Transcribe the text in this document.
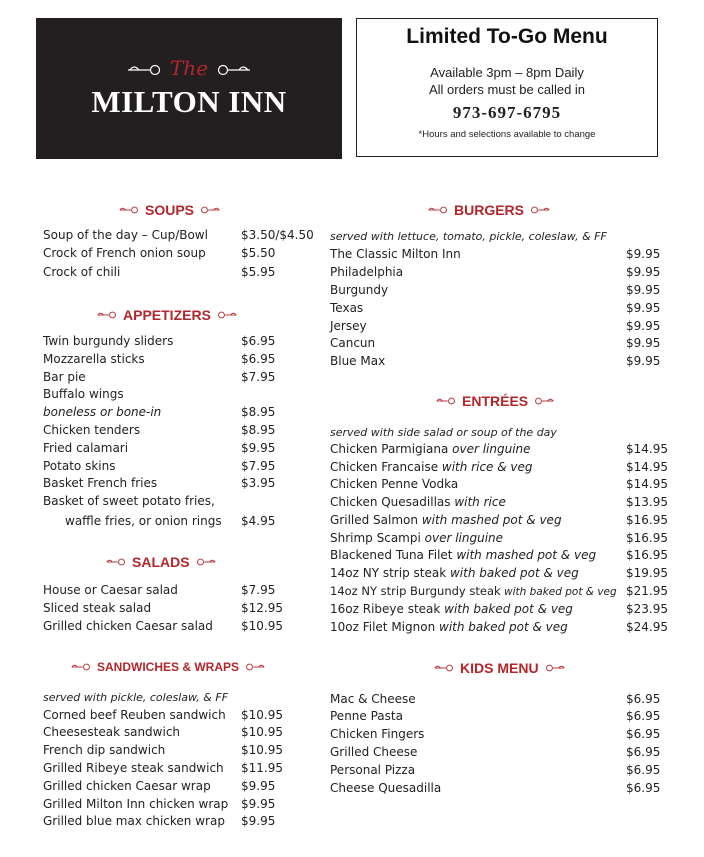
The
MILTON INN
Limited To-Go Menu
Available 3pm – 8pm Daily
All orders must be called in
973-697-6795
*Hours and selections available to change
SOUPS
Soup of the day – Cup/Bowl	$3.50/$4.50
Crock of French onion soup	$5.50
Crock of chili	$5.95
APPETIZERS
Twin burgundy sliders	$6.95
Mozzarella sticks	$6.95
Bar pie	$7.95
Buffalo wings
boneless or bone-in	$8.95
Chicken tenders	$8.95
Fried calamari	$9.95
Potato skins	$7.95
Basket French fries	$3.95
Basket of sweet potato fries,
waffle fries, or onion rings $4.95
SALADS
House or Caesar salad	$7.95
Sliced steak salad	$12.95
Grilled chicken Caesar salad $10.95
SANDWICHES & WRAPS
served with pickle, coleslaw, & FF
Corned beef Reuben sandwich $10.95
Cheesesteak sandwich	$10.95
French dip sandwich	$10.95
Grilled Ribeye steak sandwich $11.95
Grilled chicken Caesar wrap	$9.95
Grilled Milton Inn chicken wrap $9.95
Grilled blue max chicken wrap $9.95
BURGERS
served with lettuce, tomato, pickle, coleslaw, & FF
The Classic Milton Inn	$9.95
Philadelphia	$9.95
Burgundy	$9.95
Texas	$9.95
Jersey	$9.95
Cancun	$9.95
Blue Max	$9.95
ENTRÉES
served with side salad or soup of the day
Chicken Parmigiana over linguine	$14.95
Chicken Francaise with rice & veg	$14.95
Chicken Penne Vodka	$14.95
Chicken Quesadillas with rice	$13.95
Grilled Salmon with mashed pot & veg	$16.95
Shrimp Scampi over linguine	$16.95
Blackened Tuna Filet with mashed pot & veg $16.95
14oz NY strip steak with baked pot & veg	$19.95
14oz NY strip Burgundy steak with baked pot & veg $21.95
16oz Ribeye steak with baked pot & veg	$23.95
10oz Filet Mignon with baked pot & veg	$24.95
KIDS MENU
Mac & Cheese	$6.95
Penne Pasta	$6.95
Chicken Fingers	$6.95
Grilled Cheese	$6.95
Personal Pizza	$6.95
Cheese Quesadilla	$6.95
